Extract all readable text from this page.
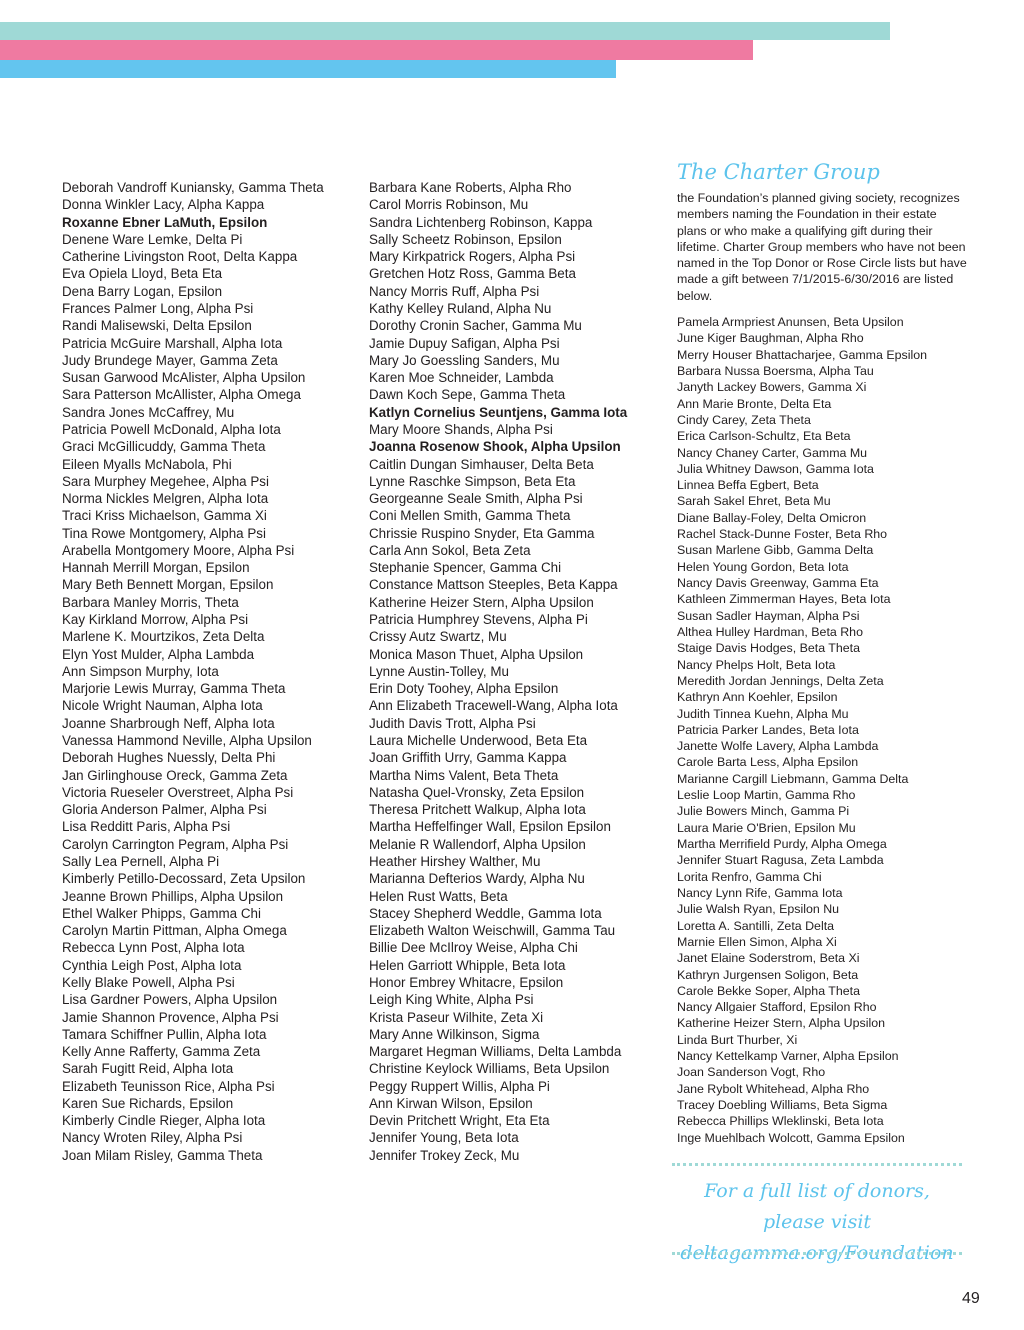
Deborah Vandroff Kuniansky, Gamma Theta
Donna Winkler Lacy, Alpha Kappa
Roxanne Ebner LaMuth, Epsilon
Denene Ware Lemke, Delta Pi
Catherine Livingston Root, Delta Kappa
Eva Opiela Lloyd, Beta Eta
Dena Barry Logan, Epsilon
Frances Palmer Long, Alpha Psi
Randi Malisewski, Delta Epsilon
Patricia McGuire Marshall, Alpha Iota
Judy Brundege Mayer, Gamma Zeta
Susan Garwood McAlister, Alpha Upsilon
Sara Patterson McAllister, Alpha Omega
Sandra Jones McCaffrey, Mu
Patricia Powell McDonald, Alpha Iota
Graci McGillicuddy, Gamma Theta
Eileen Myalls McNabola, Phi
Sara Murphey Megehee, Alpha Psi
Norma Nickles Melgren, Alpha Iota
Traci Kriss Michaelson, Gamma Xi
Tina Rowe Montgomery, Alpha Psi
Arabella Montgomery Moore, Alpha Psi
Hannah Merrill Morgan, Epsilon
Mary Beth Bennett Morgan, Epsilon
Barbara Manley Morris, Theta
Kay Kirkland Morrow, Alpha Psi
Marlene K. Mourtzikos, Zeta Delta
Elyn Yost Mulder, Alpha Lambda
Ann Simpson Murphy, Iota
Marjorie Lewis Murray, Gamma Theta
Nicole Wright Nauman, Alpha Iota
Joanne Sharbrough Neff, Alpha Iota
Vanessa Hammond Neville, Alpha Upsilon
Deborah Hughes Nuessly, Delta Phi
Jan Girlinghouse Oreck, Gamma Zeta
Victoria Rueseler Overstreet, Alpha Psi
Gloria Anderson Palmer, Alpha Psi
Lisa Redditt Paris, Alpha Psi
Carolyn Carrington Pegram, Alpha Psi
Sally Lea Pernell, Alpha Pi
Kimberly Petillo-Decossard, Zeta Upsilon
Jeanne Brown Phillips, Alpha Upsilon
Ethel Walker Phipps, Gamma Chi
Carolyn Martin Pittman, Alpha Omega
Rebecca Lynn Post, Alpha Iota
Cynthia Leigh Post, Alpha Iota
Kelly Blake Powell, Alpha Psi
Lisa Gardner Powers, Alpha Upsilon
Jamie Shannon Provence, Alpha Psi
Tamara Schiffner Pullin, Alpha Iota
Kelly Anne Rafferty, Gamma Zeta
Sarah Fugitt Reid, Alpha Iota
Elizabeth Teunisson Rice, Alpha Psi
Karen Sue Richards, Epsilon
Kimberly Cindle Rieger, Alpha Iota
Nancy Wroten Riley, Alpha Psi
Joan Milam Risley, Gamma Theta
Barbara Kane Roberts, Alpha Rho
Carol Morris Robinson, Mu
Sandra Lichtenberg Robinson, Kappa
Sally Scheetz Robinson, Epsilon
Mary Kirkpatrick Rogers, Alpha Psi
Gretchen Hotz Ross, Gamma Beta
Nancy Morris Ruff, Alpha Psi
Kathy Kelley Ruland, Alpha Nu
Dorothy Cronin Sacher, Gamma Mu
Jamie Dupuy Safigan, Alpha Psi
Mary Jo Goessling Sanders, Mu
Karen Moe Schneider, Lambda
Dawn Koch Sepe, Gamma Theta
Katlyn Cornelius Seuntjens, Gamma Iota
Mary Moore Shands, Alpha Psi
Joanna Rosenow Shook, Alpha Upsilon
Caitlin Dungan Simhauser, Delta Beta
Lynne Raschke Simpson, Beta Eta
Georgeanne Seale Smith, Alpha Psi
Coni Mellen Smith, Gamma Theta
Chrissie Ruspino Snyder, Eta Gamma
Carla Ann Sokol, Beta Zeta
Stephanie Spencer, Gamma Chi
Constance Mattson Steeples, Beta Kappa
Katherine Heizer Stern, Alpha Upsilon
Patricia Humphrey Stevens, Alpha Pi
Crissy Autz Swartz, Mu
Monica Mason Thuet, Alpha Upsilon
Lynne Austin-Tolley, Mu
Erin Doty Toohey, Alpha Epsilon
Ann Elizabeth Tracewell-Wang, Alpha Iota
Judith Davis Trott, Alpha Psi
Laura Michelle Underwood, Beta Eta
Joan Griffith Urry, Gamma Kappa
Martha Nims Valent, Beta Theta
Natasha Quel-Vronsky, Zeta Epsilon
Theresa Pritchett Walkup, Alpha Iota
Martha Heffelfinger Wall, Epsilon Epsilon
Melanie R Wallendorf, Alpha Upsilon
Heather Hirshey Walther, Mu
Marianna Defterios Wardy, Alpha Nu
Helen Rust Watts, Beta
Stacey Shepherd Weddle, Gamma Iota
Elizabeth Walton Weischwill, Gamma Tau
Billie Dee McIlroy Weise, Alpha Chi
Helen Garriott Whipple, Beta Iota
Honor Embrey Whitacre, Epsilon
Leigh King White, Alpha Psi
Krista Paseur Wilhite, Zeta Xi
Mary Anne Wilkinson, Sigma
Margaret Hegman Williams, Delta Lambda
Christine Keylock Williams, Beta Upsilon
Peggy Ruppert Willis, Alpha Pi
Ann Kirwan Wilson, Epsilon
Devin Pritchett Wright, Eta Eta
Jennifer Young, Beta Iota
Jennifer Trokey Zeck, Mu
The Charter Group
the Foundation’s planned giving society, recognizes members naming the Foundation in their estate plans or who make a qualifying gift during their lifetime. Charter Group members who have not been named in the Top Donor or Rose Circle lists but have made a gift between 7/1/2015-6/30/2016 are listed below.
Pamela Armpriest Anunsen, Beta Upsilon
June Kiger Baughman, Alpha Rho
Merry Houser Bhattacharjee, Gamma Epsilon
Barbara Nussa Boersma, Alpha Tau
Janyth Lackey Bowers, Gamma Xi
Ann Marie Bronte, Delta Eta
Cindy Carey, Zeta Theta
Erica Carlson-Schultz, Eta Beta
Nancy Chaney Carter, Gamma Mu
Julia Whitney Dawson, Gamma Iota
Linnea Beffa Egbert, Beta
Sarah Sakel Ehret, Beta Mu
Diane Ballay-Foley, Delta Omicron
Rachel Stack-Dunne Foster, Beta Rho
Susan Marlene Gibb, Gamma Delta
Helen Young Gordon, Beta Iota
Nancy Davis Greenway, Gamma Eta
Kathleen Zimmerman Hayes, Beta Iota
Susan Sadler Hayman, Alpha Psi
Althea Hulley Hardman, Beta Rho
Staige Davis Hodges, Beta Theta
Nancy Phelps Holt, Beta Iota
Meredith Jordan Jennings, Delta Zeta
Kathryn Ann Koehler, Epsilon
Judith Tinnea Kuehn, Alpha Mu
Patricia Parker Landes, Beta Iota
Janette Wolfe Lavery, Alpha Lambda
Carole Barta Less, Alpha Epsilon
Marianne Cargill Liebmann, Gamma Delta
Leslie Loop Martin, Gamma Rho
Julie Bowers Minch, Gamma Pi
Laura Marie O'Brien, Epsilon Mu
Martha Merrifield Purdy, Alpha Omega
Jennifer Stuart Ragusa, Zeta Lambda
Lorita Renfro, Gamma Chi
Nancy Lynn Rife, Gamma Iota
Julie Walsh Ryan, Epsilon Nu
Loretta A. Santilli, Zeta Delta
Marnie Ellen Simon, Alpha Xi
Janet Elaine Soderstrom, Beta Xi
Kathryn Jurgensen Soligon, Beta
Carole Bekke Soper, Alpha Theta
Nancy Allgaier Stafford, Epsilon Rho
Katherine Heizer Stern, Alpha Upsilon
Linda Burt Thurber, Xi
Nancy Kettelkamp Varner, Alpha Epsilon
Joan Sanderson Vogt, Rho
Jane Rybolt Whitehead, Alpha Rho
Tracey Doebling Williams, Beta Sigma
Rebecca Phillips Wleklinski, Beta Iota
Inge Muehlbach Wolcott, Gamma Epsilon
For a full list of donors, please visit
deltagamma.org/Foundation
49
